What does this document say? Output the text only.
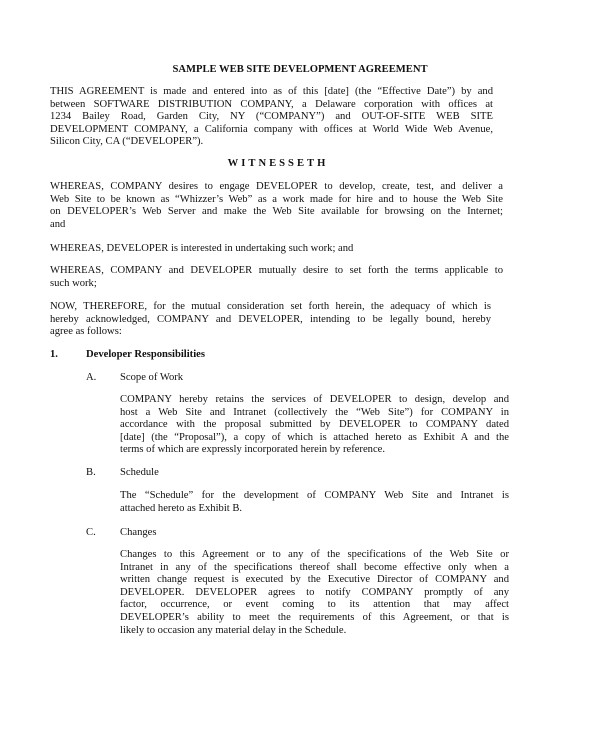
SAMPLE WEB SITE DEVELOPMENT AGREEMENT
THIS AGREEMENT is made and entered into as of this [date] (the “Effective Date”) by and
between SOFTWARE DISTRIBUTION COMPANY, a Delaware corporation with offices at
1234 Bailey Road, Garden City, NY (“COMPANY”) and OUT-OF-SITE WEB SITE
DEVELOPMENT COMPANY, a California company with offices at World Wide Web Avenue,
Silicon City, CA (“DEVELOPER”).
WITNESSETH
WHEREAS, COMPANY desires to engage DEVELOPER to develop, create, test, and deliver a
Web Site to be known as “Whizzer’s Web” as a work made for hire and to house the Web Site
on DEVELOPER’s Web Server and make the Web Site available for browsing on the Internet;
and
WHEREAS, DEVELOPER is interested in undertaking such work; and
WHEREAS, COMPANY and DEVELOPER mutually desire to set forth the terms applicable to
such work;
NOW, THEREFORE, for the mutual consideration set forth herein, the adequacy of which is
hereby acknowledged, COMPANY and DEVELOPER, intending to be legally bound, hereby
agree as follows:
1.	Developer Responsibilities
A. Scope of Work
COMPANY hereby retains the services of DEVELOPER to design, develop and
host a Web Site and Intranet (collectively the “Web Site”) for COMPANY in
accordance with the proposal submitted by DEVELOPER to COMPANY dated
[date] (the “Proposal”), a copy of which is attached hereto as Exhibit A and the
terms of which are expressly incorporated herein by reference.
B. Schedule
The “Schedule” for the development of COMPANY Web Site and Intranet is
attached hereto as Exhibit B.
C. Changes
Changes to this Agreement or to any of the specifications of the Web Site or
Intranet in any of the specifications thereof shall become effective only when a
written change request is executed by the Executive Director of COMPANY and
DEVELOPER. DEVELOPER agrees to notify COMPANY promptly of any
factor, occurrence, or event coming to its attention that may affect
DEVELOPER’s ability to meet the requirements of this Agreement, or that is
likely to occasion any material delay in the Schedule.
